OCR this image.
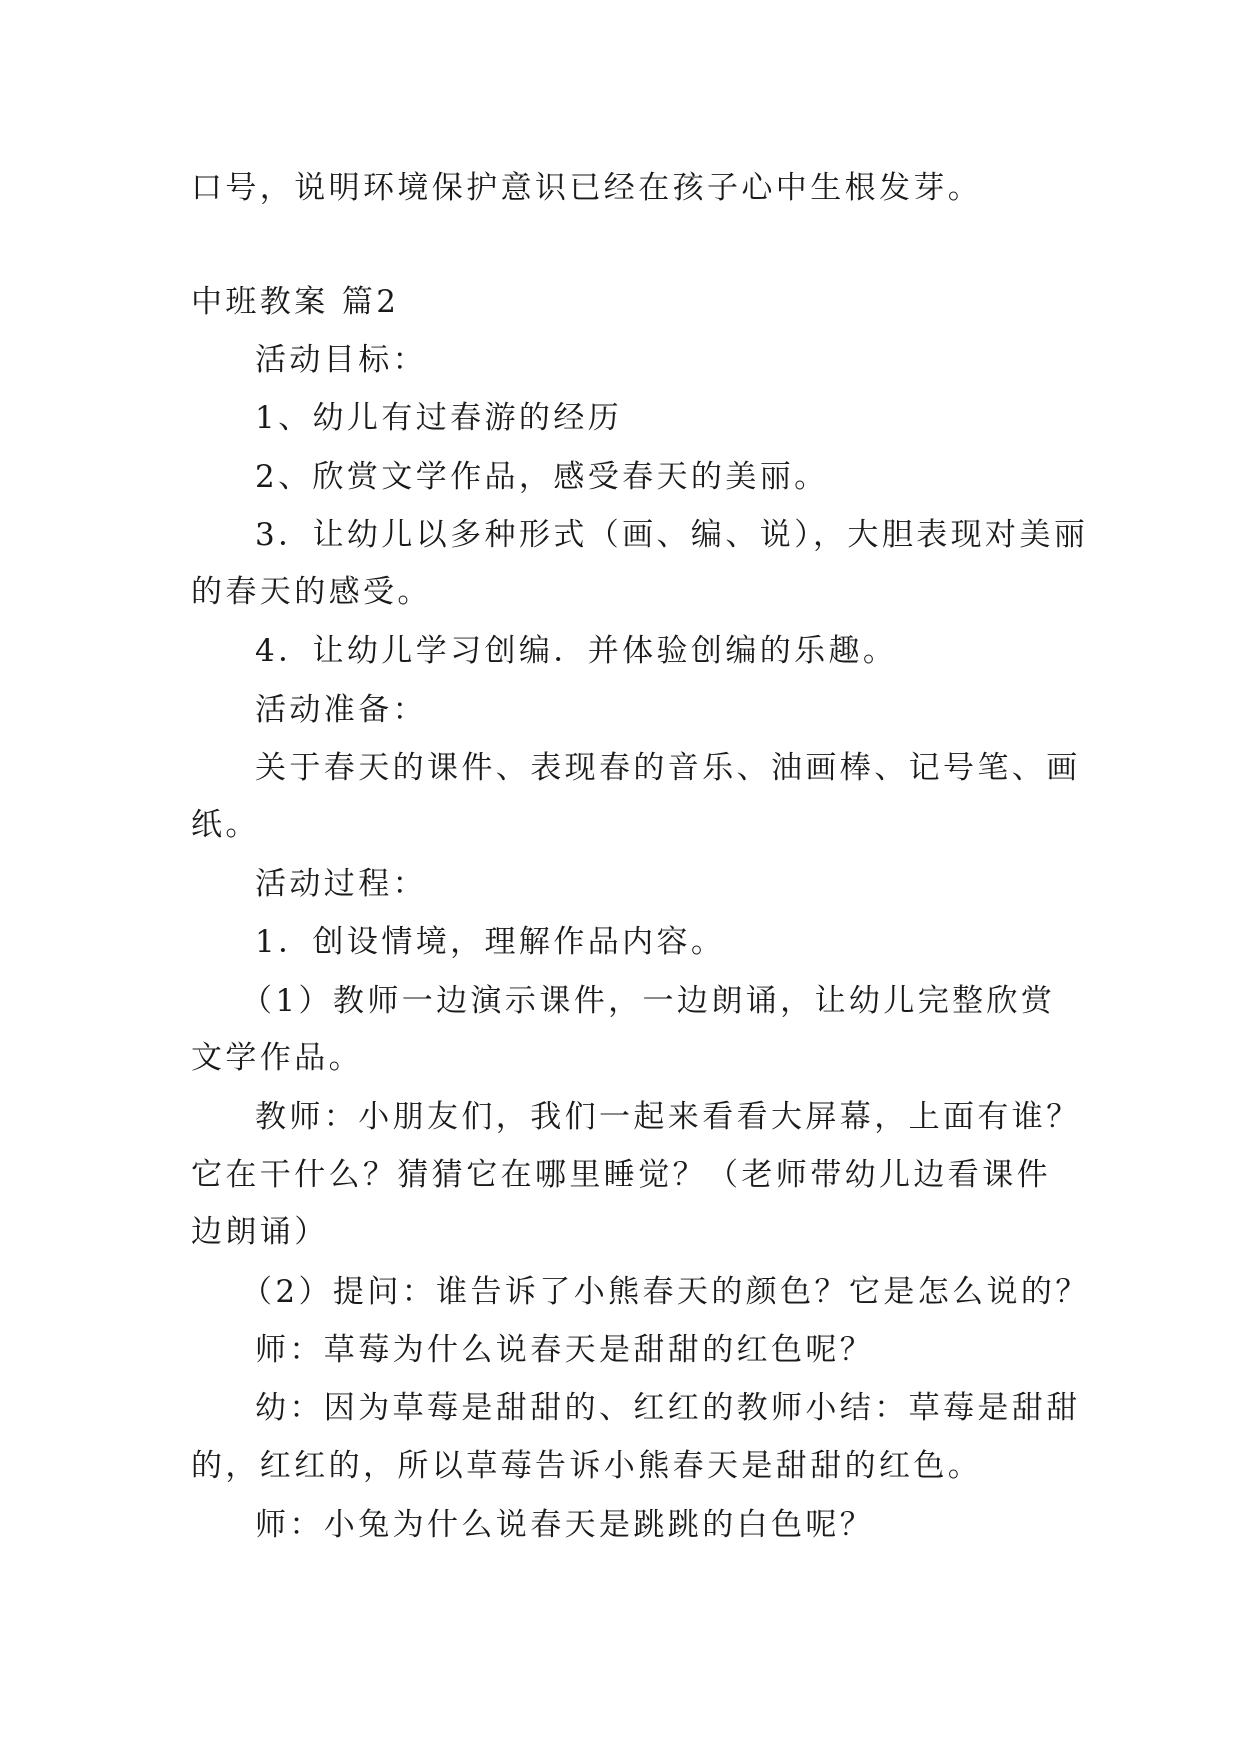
口号，说明环境保护意识已经在孩子心中生根发芽。
中班教案 篇2
活动目标：
1、幼儿有过春游的经历
2、欣赏文学作品，感受春天的美丽。
3．让幼儿以多种形式（画、编、说），大胆表现对美丽
的春天的感受。
4．让幼儿学习创编．并体验创编的乐趣。
活动准备：
关于春天的课件、表现春的音乐、油画棒、记号笔、画
纸。
活动过程：
1．创设情境，理解作品内容。
（1）教师一边演示课件，一边朗诵，让幼儿完整欣赏
文学作品。
教师：小朋友们，我们一起来看看大屏幕，上面有谁？
它在干什么？猜猜它在哪里睡觉？（老师带幼儿边看课件
边朗诵）
（2）提问：谁告诉了小熊春天的颜色？它是怎么说的？
师：草莓为什么说春天是甜甜的红色呢？
幼：因为草莓是甜甜的、红红的教师小结：草莓是甜甜
的，红红的，所以草莓告诉小熊春天是甜甜的红色。
师：小兔为什么说春天是跳跳的白色呢？
